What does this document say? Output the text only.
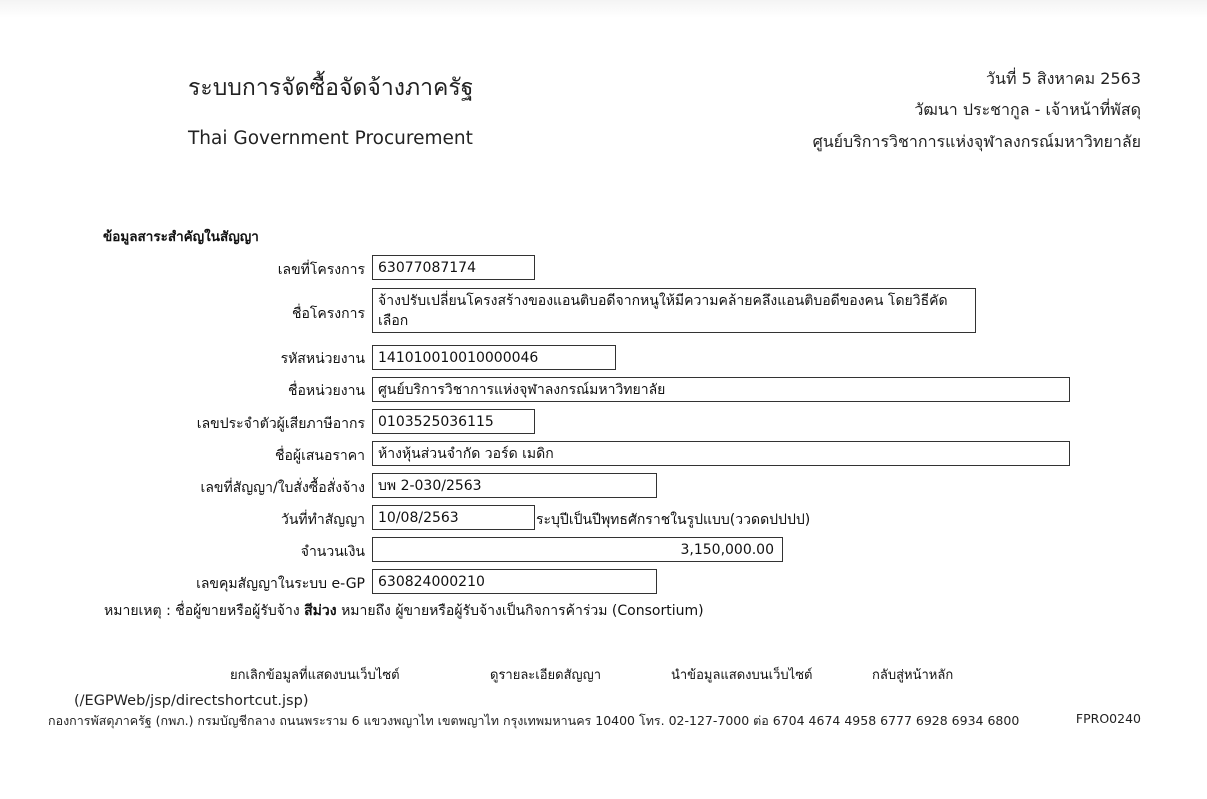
ระบบการจัดซื้อจัดจ้างภาครัฐ
Thai Government Procurement
วันที่ 5 สิงหาคม 2563
วัฒนา ประชากูล - เจ้าหน้าที่พัสดุ
ศูนย์บริการวิชาการแห่งจุฬาลงกรณ์มหาวิทยาลัย
ข้อมูลสาระสำคัญในสัญญา
เลขที่โครงการ 63077087174
ชื่อโครงการ
จ้างปรับเปลี่ยนโครงสร้างของแอนติบอดีจากหนูให้มีความคล้ายคลึงแอนติบอดีของคน โดยวิธีคัดเลือก
รหัสหน่วยงาน 141010010010000046
ชื่อหน่วยงาน ศูนย์บริการวิชาการแห่งจุฬาลงกรณ์มหาวิทยาลัย
เลขประจำตัวผู้เสียภาษีอากร 0103525036115
ชื่อผู้เสนอราคา ห้างหุ้นส่วนจำกัด วอร์ด เมดิก
เลขที่สัญญา/ใบสั่งซื้อสั่งจ้าง บพ 2-030/2563
วันที่ทำสัญญา 10/08/2563	ระบุปีเป็นปีพุทธศักราชในรูปแบบ(ววดดปปปป)
จำนวนเงิน	3,150,000.00
เลขคุมสัญญาในระบบ e-GP 630824000210
หมายเหตุ : ชื่อผู้ขายหรือผู้รับจ้าง สีม่วง หมายถึง ผู้ขายหรือผู้รับจ้างเป็นกิจการค้าร่วม (Consortium)
ยกเลิกข้อมูลที่แสดงบนเว็บไซต์	ดูรายละเอียดสัญญา	นำข้อมูลแสดงบนเว็บไซต์	กลับสู่หน้าหลัก
(/EGPWeb/jsp/directshortcut.jsp)
กองการพัสดุภาครัฐ (กพภ.) กรมบัญชีกลาง ถนนพระราม 6 แขวงพญาไท เขตพญาไท กรุงเทพมหานคร 10400 โทร. 02-127-7000 ต่อ 6704 4674 4958 6777 6928 6934 6800	FPRO0240
